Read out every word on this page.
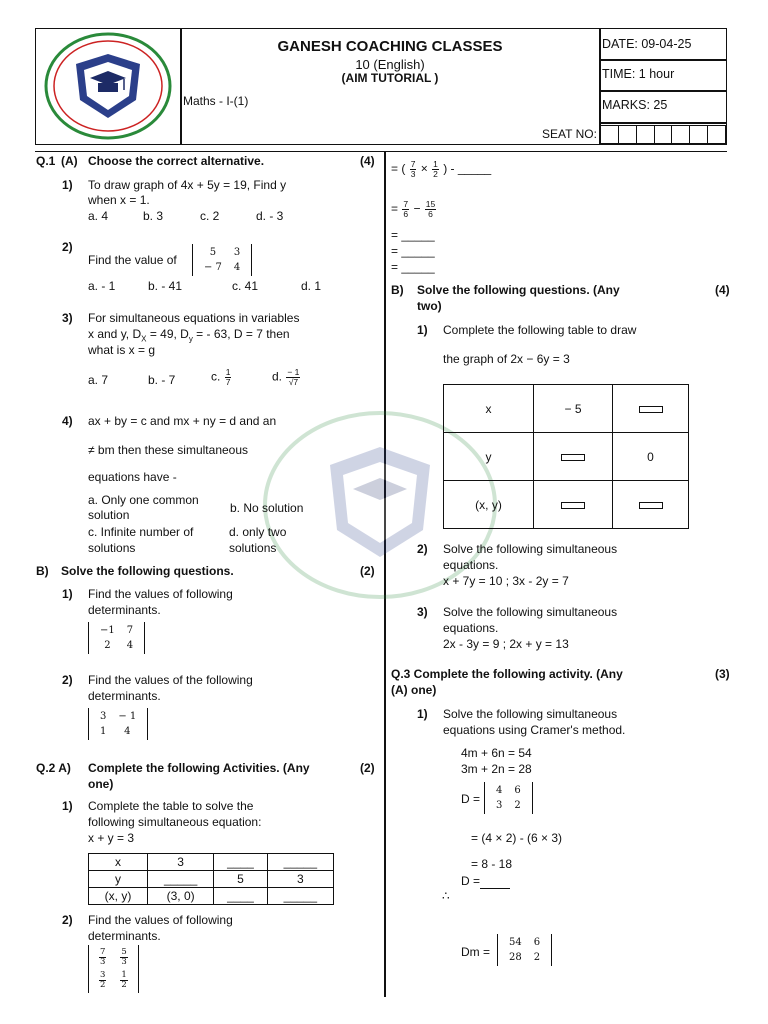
GANESH COACHING CLASSES
10 (English)
(AIM TUTORIAL )
Maths - I-(1)
DATE: 09-04-25
TIME: 1 hour
MARKS: 25
SEAT NO:
Q.1 (A) Choose the correct alternative.	(4)
1) To draw graph of 4x + 5y = 19, Find y
when x = 1.
a. 4	b. 3	c. 2	d. - 3
2)
Find the value of
5	3
− 7	4
a. - 1	b. - 41	c. 41	d. 1
3) For simultaneous equations in variables
x and y, $D_X = 49$, $D_y$ = - 63, D = 7 then
what is x = g
a. 7	b. - 7	c. $\frac{1}{7}$	d. $\frac{- 1}{√7}$
4) ax + by = c and mx + ny = d and an
≠ bm then these simultaneous
equations have -
a. Only one common
solution	b. No solution
c. Infinite number of
solutions
d. only two
solutions
B) Solve the following questions.	(2)
1) Find the values of following
determinants.
−1	7
2	4
2) Find the values of the following
determinants.
3	− 1
1	4
Q.2 A) Complete the following Activities. (Any
one)
(2)
1) Complete the table to solve the
following simultaneous equation:
x + y = 3
x	3	____	_____
y	_____	5	3
(x, y)	(3, 0)	____	_____
2) Find the values of following
determinants.
$\frac{7}{3}$	$\frac{5}{3}$

$\frac{3}{2}$	$\frac{1}{2}$
= ( $\frac{7}{3} \times \frac{1}{2}$ ) - _____
= $\frac{7}{6} - \frac{15}{6}$
= _____
= _____
= _____
B) Solve the following questions. (Any
two)
(4)
1) Complete the following table to draw
the graph of 2x − 6y = 3
x	− 5	
y		0
(x, y)		
2) Solve the following simultaneous
equations.
x + 7y = 10 ; 3x - 2y = 7
3) Solve the following simultaneous
equations.
2x - 3y = 9 ; 2x + y = 13
Q.3 Complete the following activity. (Any
(A) one)
(3)
1) Solve the following simultaneous
equations using Cramer's method.
4m + 6n = 54
3m + 2n = 28
D =
4	6
3	2
= (4 × 2) - (6 × 3)
= 8 - 18
D =
∴
Dm =
54	6
28	2
